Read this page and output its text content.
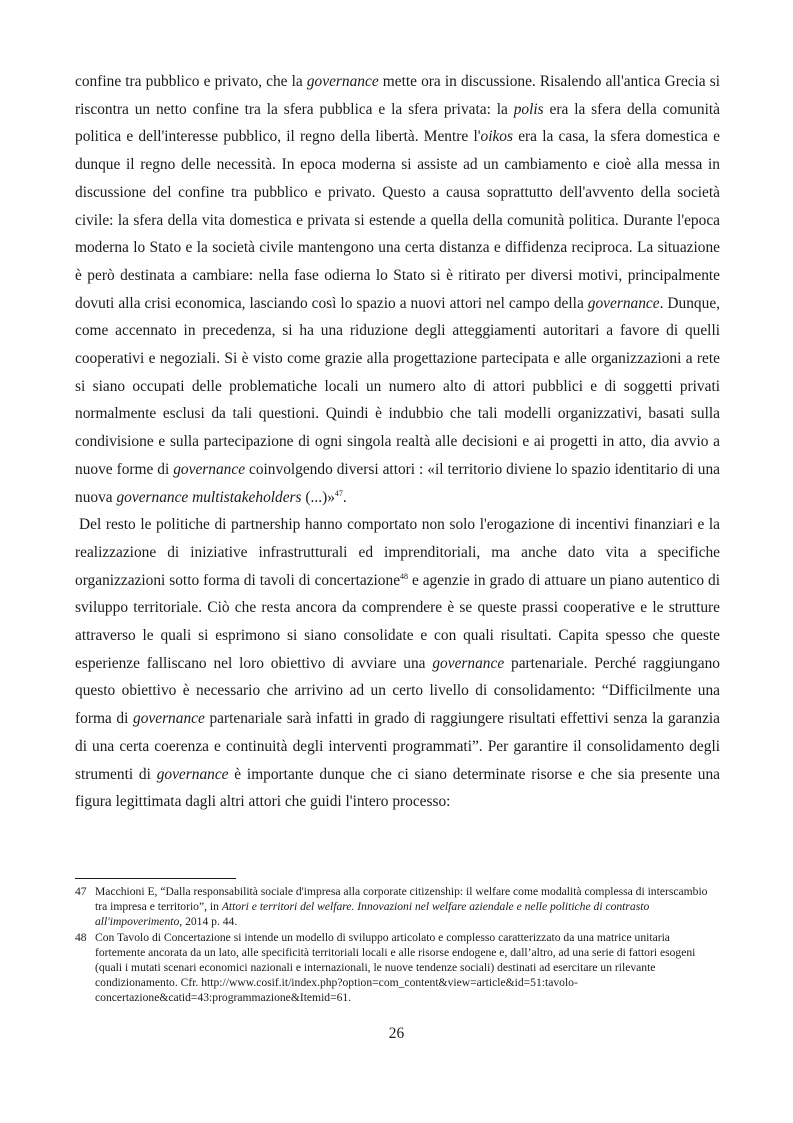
confine tra pubblico e privato, che la governance mette ora in discussione. Risalendo all'antica Grecia si riscontra un netto confine tra la sfera pubblica e la sfera privata: la polis era la sfera della comunità politica e dell'interesse pubblico, il regno della libertà. Mentre l'oikos era la casa, la sfera domestica e dunque il regno delle necessità. In epoca moderna si assiste ad un cambiamento e cioè alla messa in discussione del confine tra pubblico e privato. Questo a causa soprattutto dell'avvento della società civile: la sfera della vita domestica e privata si estende a quella della comunità politica. Durante l'epoca moderna lo Stato e la società civile mantengono una certa distanza e diffidenza reciproca. La situazione è però destinata a cambiare: nella fase odierna lo Stato si è ritirato per diversi motivi, principalmente dovuti alla crisi economica, lasciando così lo spazio a nuovi attori nel campo della governance. Dunque, come accennato in precedenza, si ha una riduzione degli atteggiamenti autoritari a favore di quelli cooperativi e negoziali. Si è visto come grazie alla progettazione partecipata e alle organizzazioni a rete si siano occupati delle problematiche locali un numero alto di attori pubblici e di soggetti privati normalmente esclusi da tali questioni. Quindi è indubbio che tali modelli organizzativi, basati sulla condivisione e sulla partecipazione di ogni singola realtà alle decisioni e ai progetti in atto, dia avvio a nuove forme di governance coinvolgendo diversi attori : «il territorio diviene lo spazio identitario di una nuova governance multistakeholders (...)»$^{47}$.

Del resto le politiche di partnership hanno comportato non solo l'erogazione di incentivi finanziari e la realizzazione di iniziative infrastrutturali ed imprenditoriali, ma anche dato vita a specifiche organizzazioni sotto forma di tavoli di concertazione$^{48}$ e agenzie in grado di attuare un piano autentico di sviluppo territoriale. Ciò che resta ancora da comprendere è se queste prassi cooperative e le strutture attraverso le quali si esprimono si siano consolidate e con quali risultati. Capita spesso che queste esperienze falliscano nel loro obiettivo di avviare una governance partenariale. Perché raggiungano questo obiettivo è necessario che arrivino ad un certo livello di consolidamento: “Difficilmente una forma di governance partenariale sarà infatti in grado di raggiungere risultati effettivi senza la garanzia di una certa coerenza e continuità degli interventi programmati”. Per garantire il consolidamento degli strumenti di governance è importante dunque che ci siano determinate risorse e che sia presente una figura legittimata dagli altri attori che guidi l'intero processo:

47 Macchioni E, “Dalla responsabilità sociale d'impresa alla corporate citizenship: il welfare come modalità complessa di interscambio tra impresa e territorio”, in Attori e territori del welfare. Innovazioni nel welfare aziendale e nelle politiche di contrasto all'impoverimento, 2014 p. 44.
48 Con Tavolo di Concertazione si intende un modello di sviluppo articolato e complesso caratterizzato da una matrice unitaria fortemente ancorata da un lato, alle specificità territoriali locali e alle risorse endogene e, dall’altro, ad una serie di fattori esogeni (quali i mutati scenari economici nazionali e internazionali, le nuove tendenze sociali) destinati ad esercitare un rilevante condizionamento. Cfr. http://www.cosif.it/index.php?option=com_content&view=article&id=51:tavolo-concertazione&catid=43:programmazione&Itemid=61.
26
